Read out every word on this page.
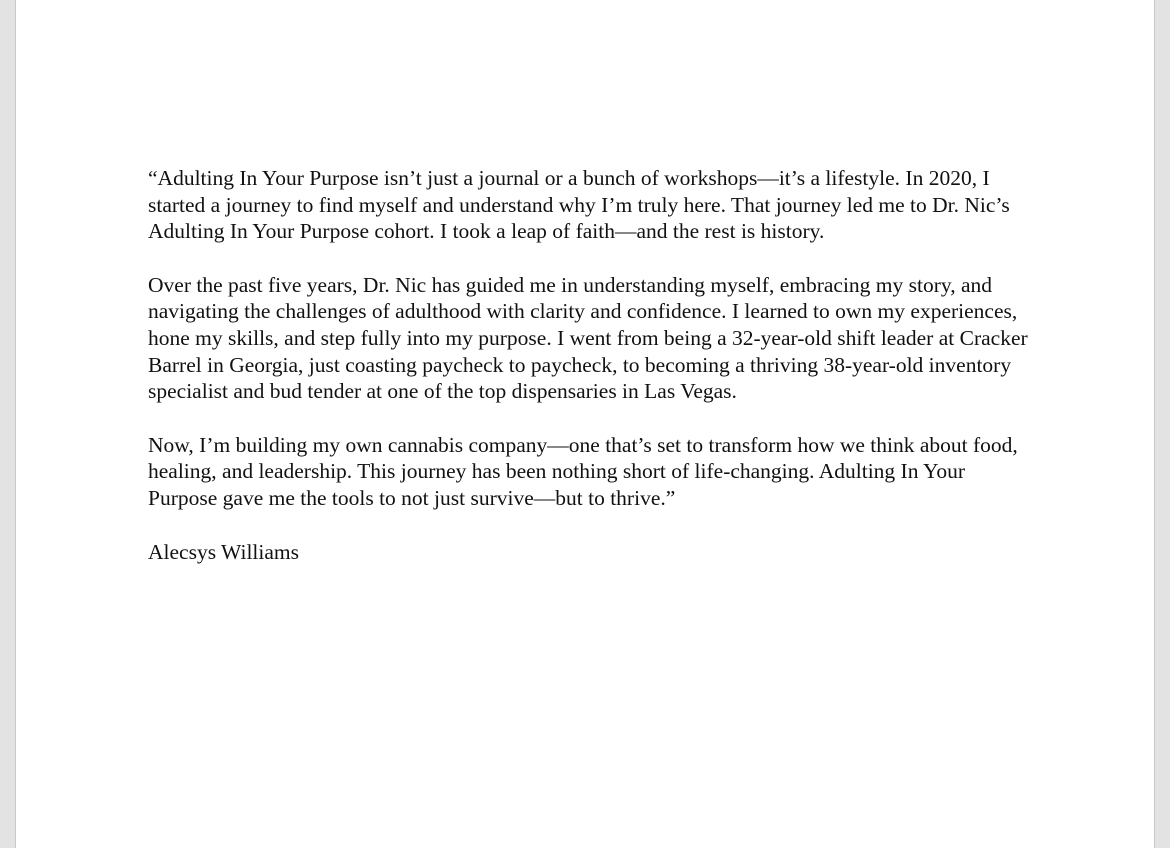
“Adulting In Your Purpose isn’t just a journal or a bunch of workshops—it’s a lifestyle. In 2020, I started a journey to find myself and understand why I’m truly here. That journey led me to Dr. Nic’s Adulting In Your Purpose cohort. I took a leap of faith—and the rest is history.

Over the past five years, Dr. Nic has guided me in understanding myself, embracing my story, and navigating the challenges of adulthood with clarity and confidence. I learned to own my experiences, hone my skills, and step fully into my purpose. I went from being a 32-year-old shift leader at Cracker Barrel in Georgia, just coasting paycheck to paycheck, to becoming a thriving 38-year-old inventory specialist and bud tender at one of the top dispensaries in Las Vegas.

Now, I’m building my own cannabis company—one that’s set to transform how we think about food, healing, and leadership. This journey has been nothing short of life-changing. Adulting In Your Purpose gave me the tools to not just survive—but to thrive.”

Alecsys Williams
